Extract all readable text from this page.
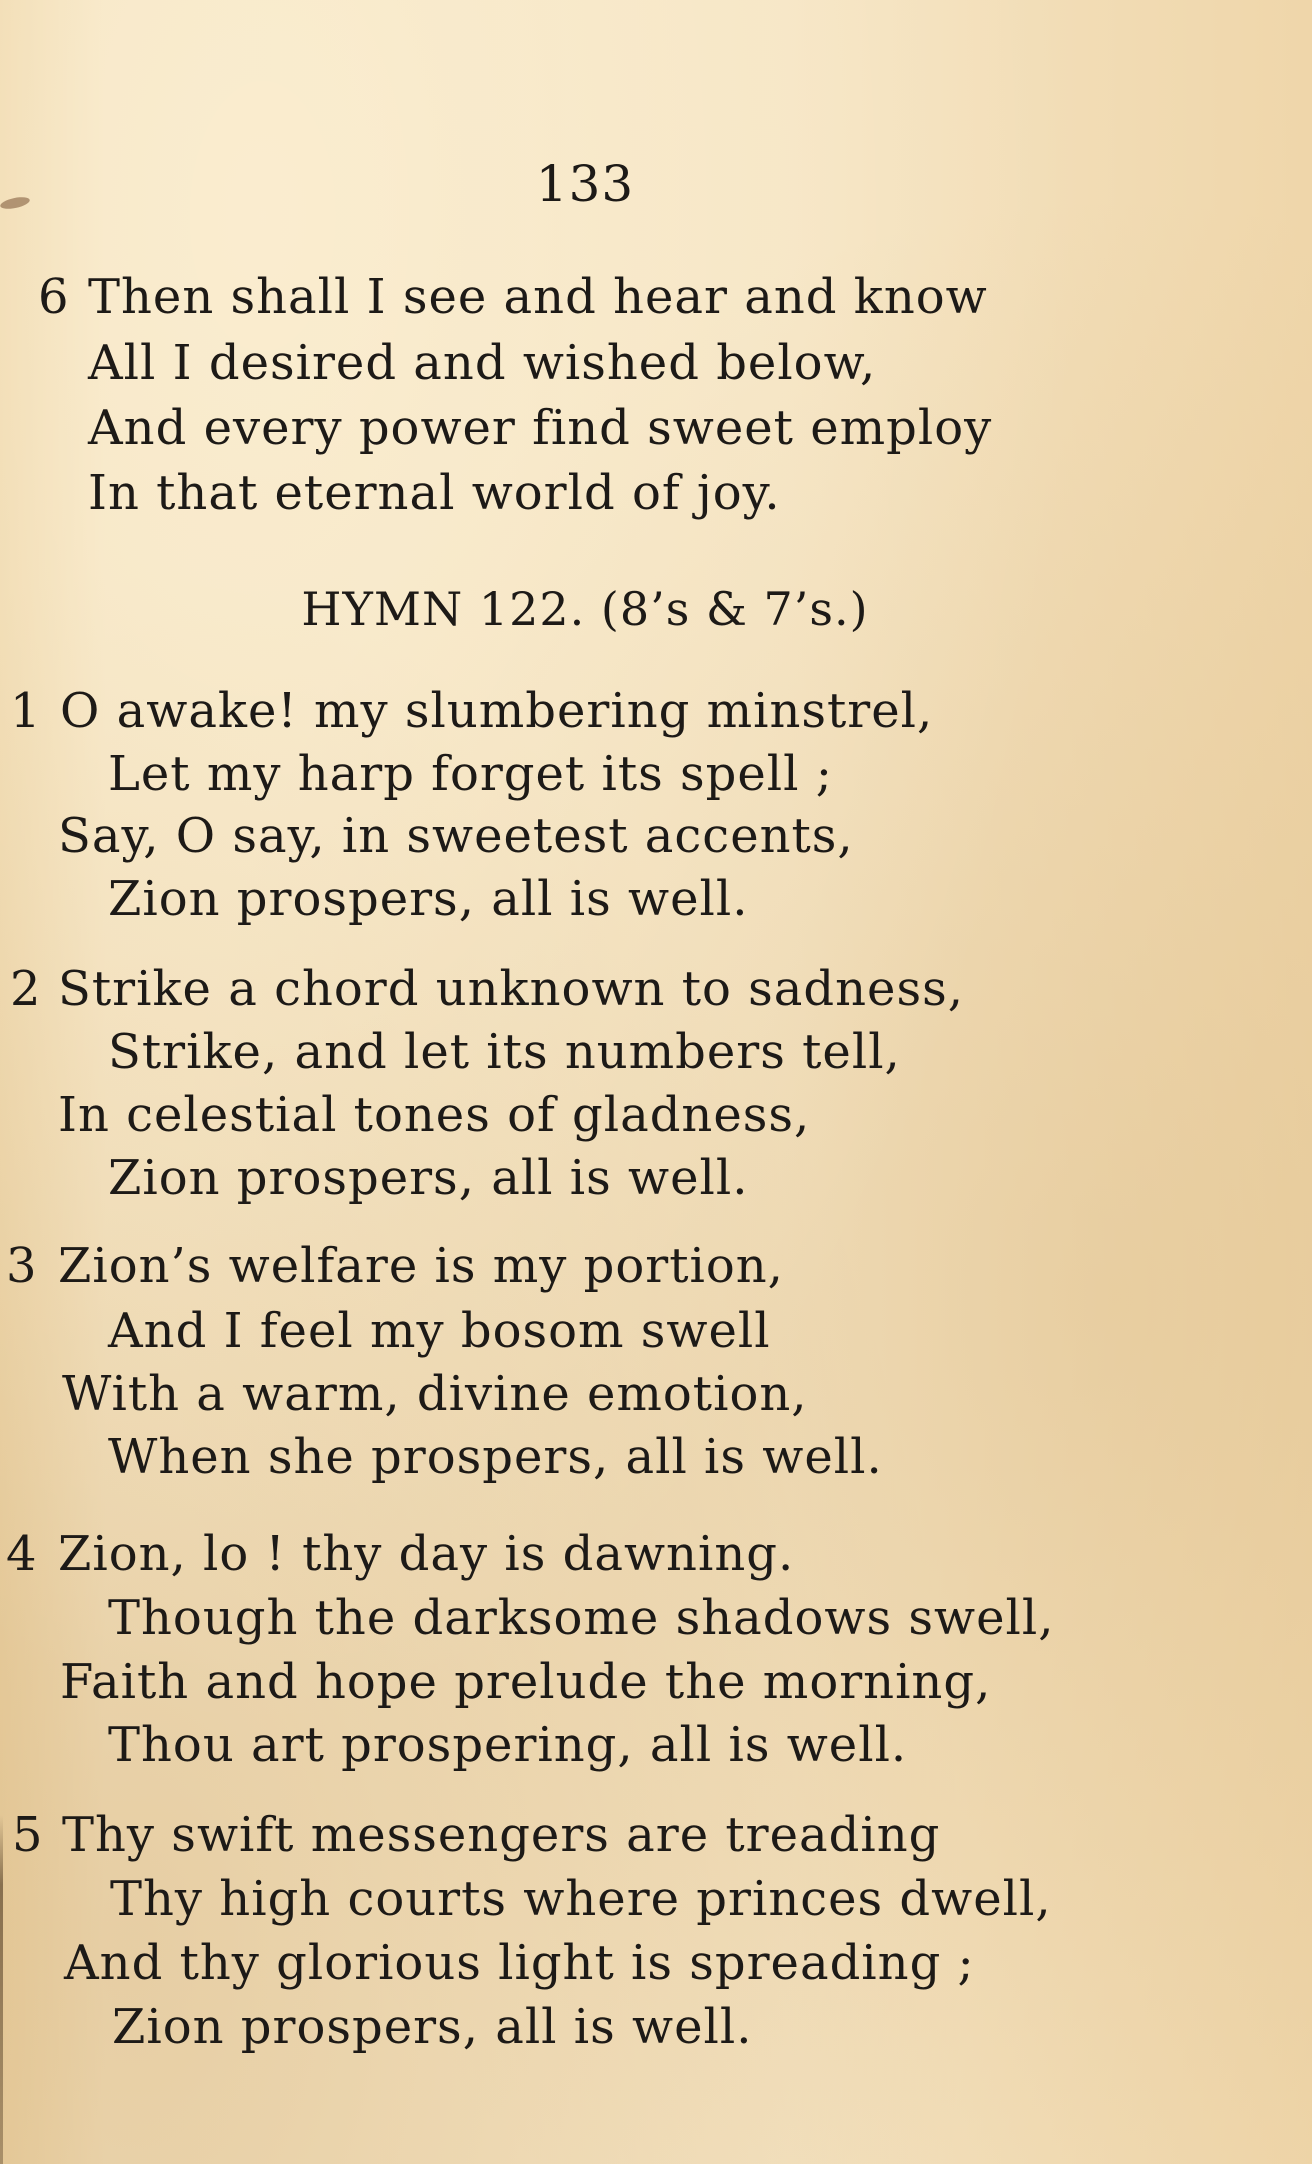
133
6 Then shall I see and hear and know
All I desired and wished below,
And every power find sweet employ
In that eternal world of joy.
HYMN 122. (8’s & 7’s.)
1 O awake! my slumbering minstrel,
Let my harp forget its spell ;
Say, O say, in sweetest accents,
Zion prospers, all is well.
2 Strike a chord unknown to sadness,
Strike, and let its numbers tell,
In celestial tones of gladness,
Zion prospers, all is well.
3 Zion’s welfare is my portion,
And I feel my bosom swell
With a warm, divine emotion,
When she prospers, all is well.
4 Zion, lo ! thy day is dawning.
Though the darksome shadows swell,
Faith and hope prelude the morning,
Thou art prospering, all is well.
5 Thy swift messengers are treading
Thy high courts where princes dwell,
And thy glorious light is spreading ;
Zion prospers, all is well.
